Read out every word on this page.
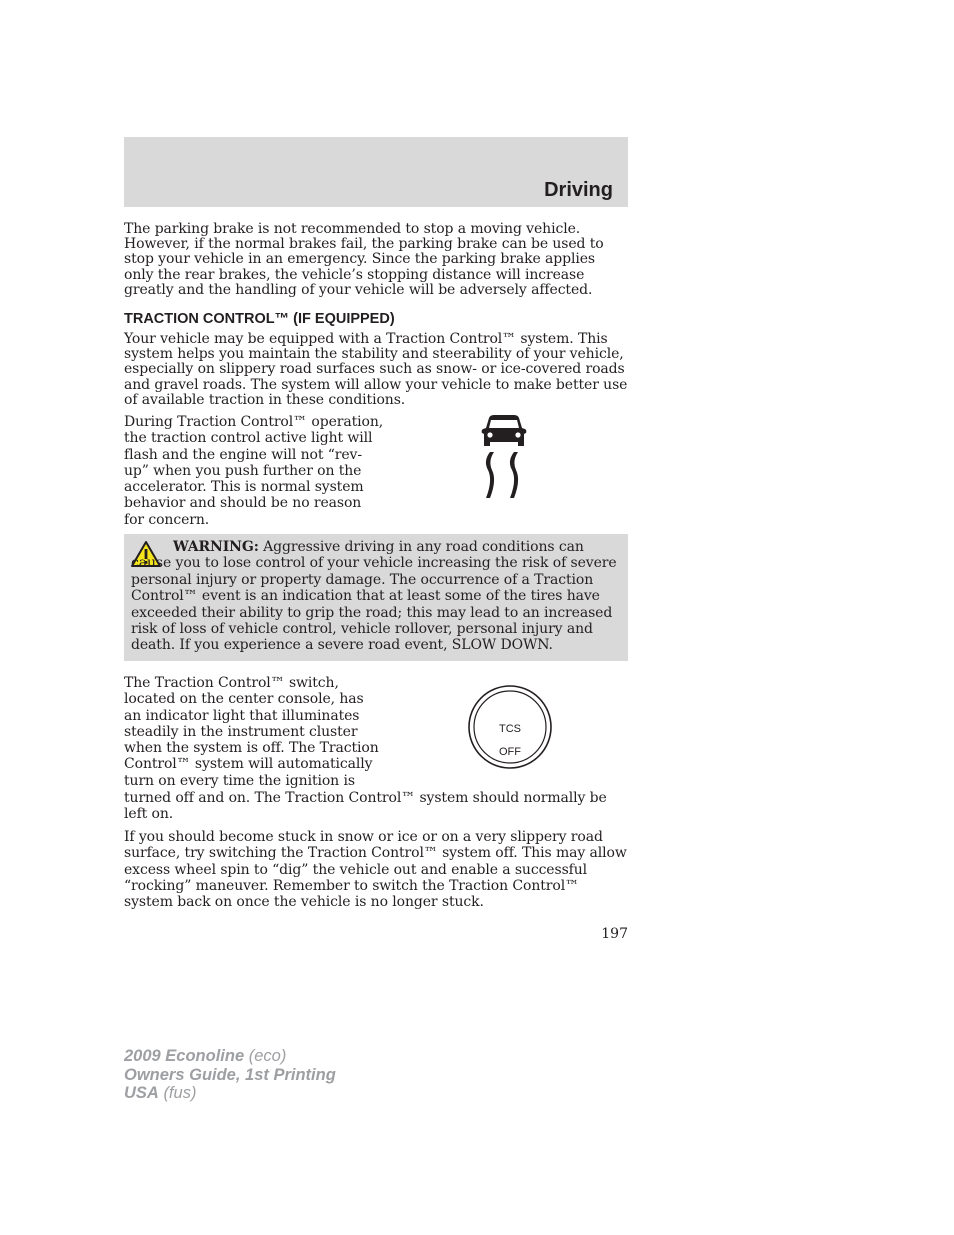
Driving

The parking brake is not recommended to stop a moving vehicle. However, if the normal brakes fail, the parking brake can be used to stop your vehicle in an emergency. Since the parking brake applies only the rear brakes, the vehicle’s stopping distance will increase greatly and the handling of your vehicle will be adversely affected.

TRACTION CONTROL™ (IF EQUIPPED)

Your vehicle may be equipped with a Traction Control™ system. This system helps you maintain the stability and steerability of your vehicle, especially on slippery road surfaces such as snow- or ice-covered roads and gravel roads. The system will allow your vehicle to make better use of available traction in these conditions.

During Traction Control™ operation, the traction control active light will flash and the engine will not “rev-up” when you push further on the accelerator. This is normal system behavior and should be no reason for concern.

WARNING: Aggressive driving in any road conditions can cause you to lose control of your vehicle increasing the risk of severe personal injury or property damage. The occurrence of a Traction Control™ event is an indication that at least some of the tires have exceeded their ability to grip the road; this may lead to an increased risk of loss of vehicle control, vehicle rollover, personal injury and death. If you experience a severe road event, SLOW DOWN.

The Traction Control™ switch, located on the center console, has an indicator light that illuminates steadily in the instrument cluster when the system is off. The Traction Control™ system will automatically turn on every time the ignition is

turned off and on. The Traction Control™ system should normally be left on.

TCS
OFF

If you should become stuck in snow or ice or on a very slippery road surface, try switching the Traction Control™ system off. This may allow excess wheel spin to “dig” the vehicle out and enable a successful “rocking” maneuver. Remember to switch the Traction Control™ system back on once the vehicle is no longer stuck.

197

2009 Econoline (eco)
Owners Guide, 1st Printing
USA (fus)
